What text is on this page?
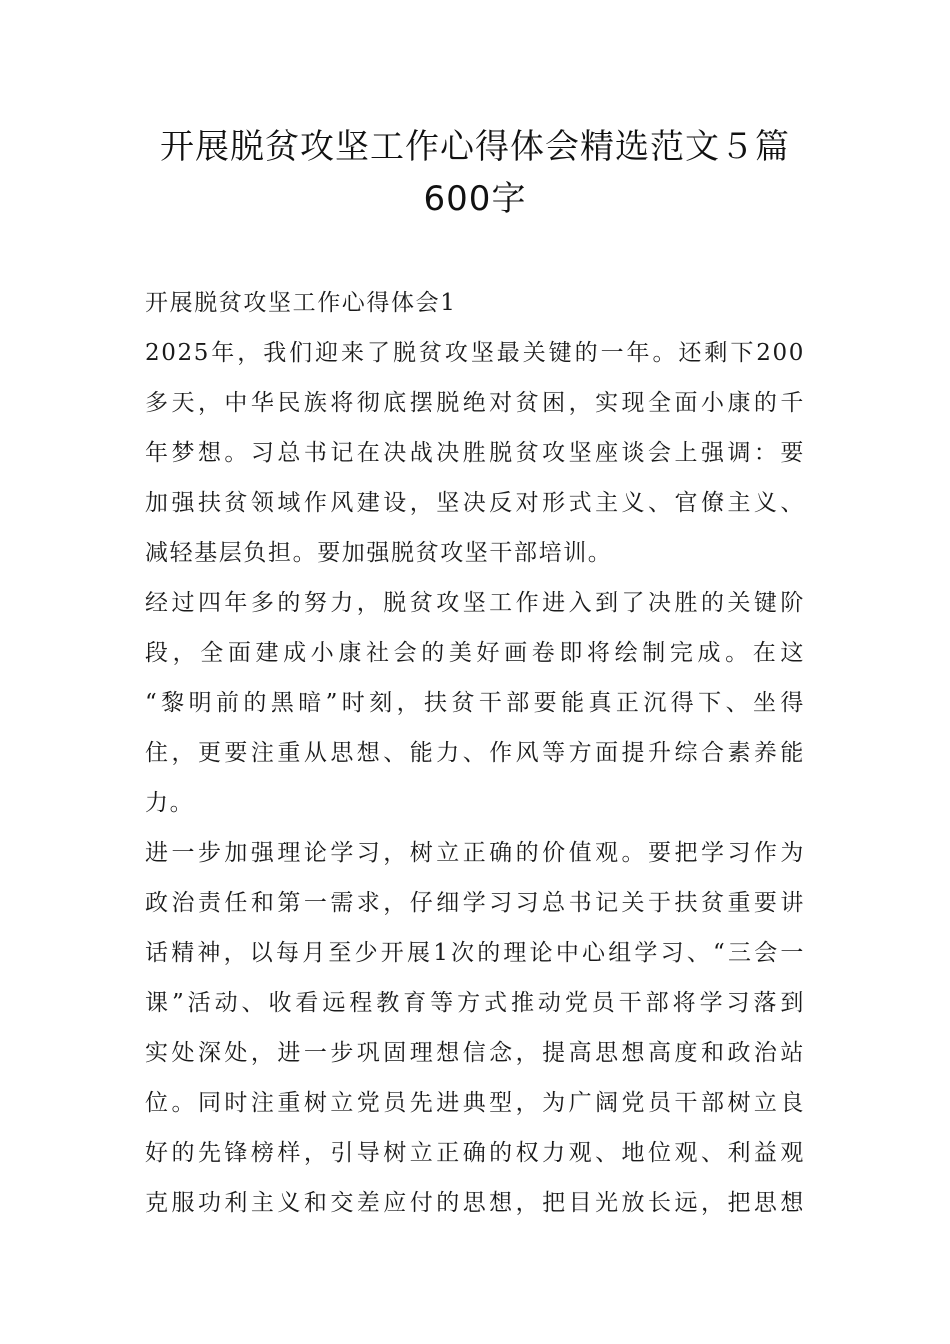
开展脱贫攻坚工作心得体会精选范文５篇
600字
开展脱贫攻坚工作心得体会1
2025年，我们迎来了脱贫攻坚最关键的一年。还剩下200
多天，中华民族将彻底摆脱绝对贫困，实现全面小康的千
年梦想。习总书记在决战决胜脱贫攻坚座谈会上强调：要
加强扶贫领域作风建设，坚决反对形式主义、官僚主义、
减轻基层负担。要加强脱贫攻坚干部培训。
经过四年多的努力，脱贫攻坚工作进入到了决胜的关键阶
段，全面建成小康社会的美好画卷即将绘制完成。在这
“黎明前的黑暗”时刻，扶贫干部要能真正沉得下、坐得
住，更要注重从思想、能力、作风等方面提升综合素养能
力。
进一步加强理论学习，树立正确的价值观。要把学习作为
政治责任和第一需求，仔细学习习总书记关于扶贫重要讲
话精神，以每月至少开展1次的理论中心组学习、“三会一
课”活动、收看远程教育等方式推动党员干部将学习落到
实处深处，进一步巩固理想信念，提高思想高度和政治站
位。同时注重树立党员先进典型，为广阔党员干部树立良
好的先锋榜样，引导树立正确的权力观、地位观、利益观
克服功利主义和交差应付的思想，把目光放长远，把思想
